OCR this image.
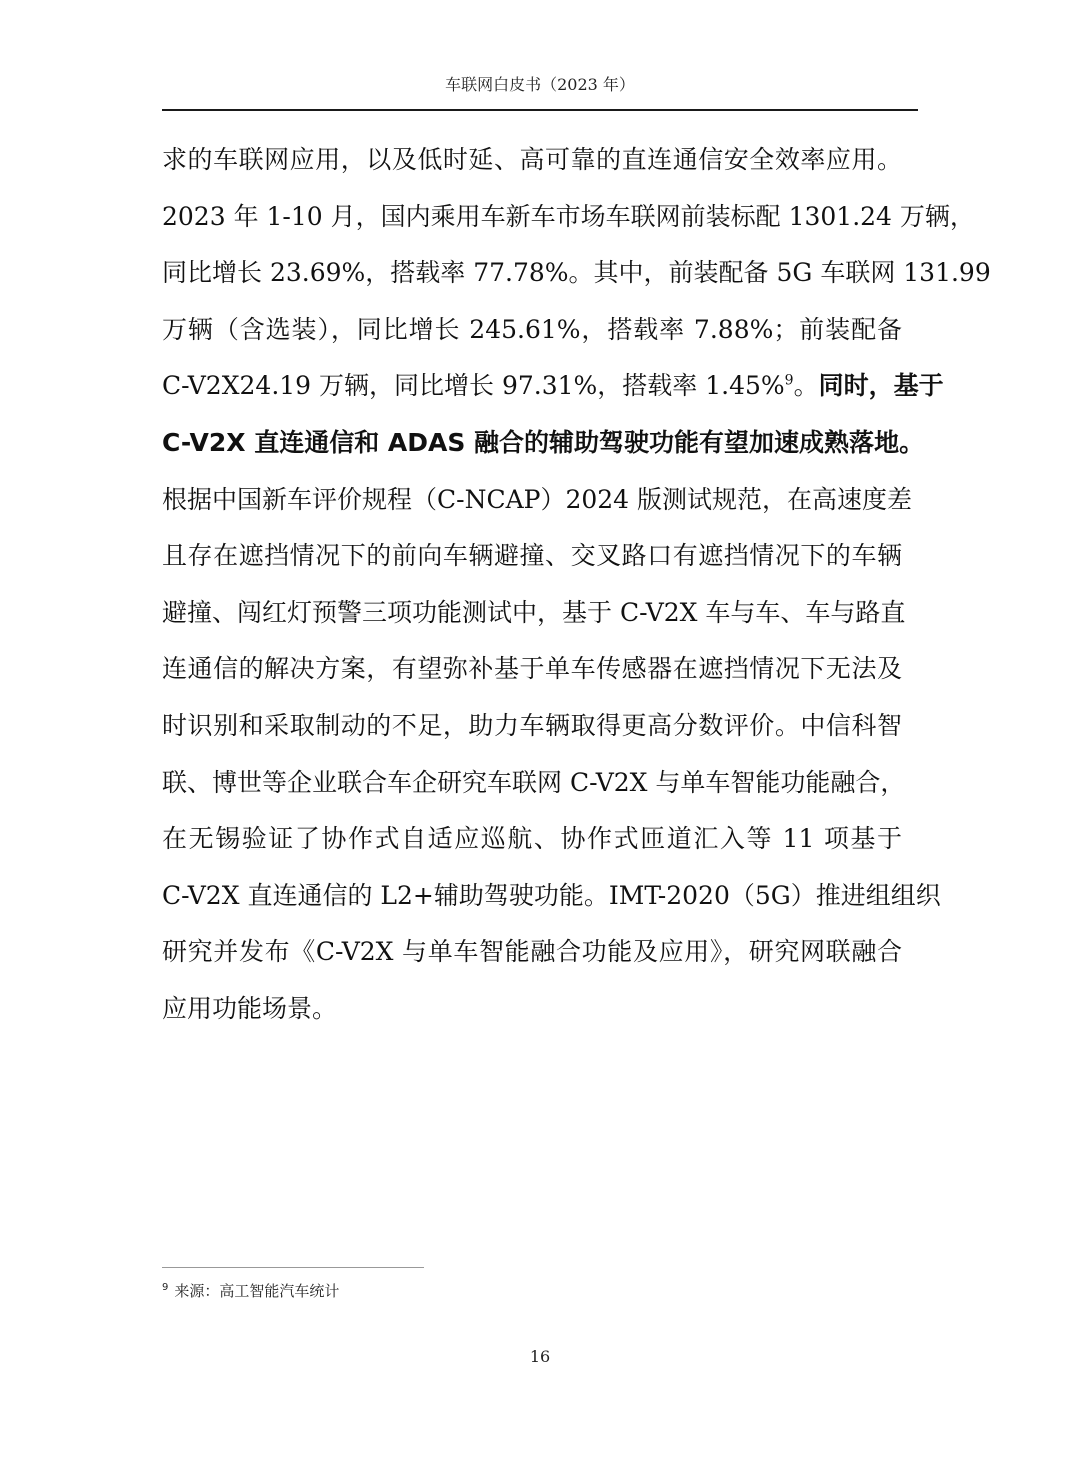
车联网白皮书（2023 年）
求的车联网应用，以及低时延、高可靠的直连通信安全效率应用。
2023 年 1-10 月，国内乘用车新车市场车联网前装标配 1301.24 万辆，
同比增长 23.69%，搭载率 77.78%。其中，前装配备 5G 车联网 131.99
万辆（含选装），同比增长 245.61%，搭载率 7.88%；前装配备
C-V2X24.19 万辆，同比增长 97.31%，搭载率 1.45%$^9$。同时，基于
C-V2X 直连通信和 ADAS 融合的辅助驾驶功能有望加速成熟落地。
根据中国新车评价规程（C-NCAP）2024 版测试规范，在高速度差
且存在遮挡情况下的前向车辆避撞、交叉路口有遮挡情况下的车辆
避撞、闯红灯预警三项功能测试中，基于 C-V2X 车与车、车与路直
连通信的解决方案，有望弥补基于单车传感器在遮挡情况下无法及
时识别和采取制动的不足，助力车辆取得更高分数评价。中信科智
联、博世等企业联合车企研究车联网 C-V2X 与单车智能功能融合，
在无锡验证了协作式自适应巡航、协作式匝道汇入等 11 项基于
C-V2X 直连通信的 L2+辅助驾驶功能。IMT-2020（5G）推进组组织
研究并发布《C-V2X 与单车智能融合功能及应用》，研究网联融合
应用功能场景。
$^9$ 来源：高工智能汽车统计
16
